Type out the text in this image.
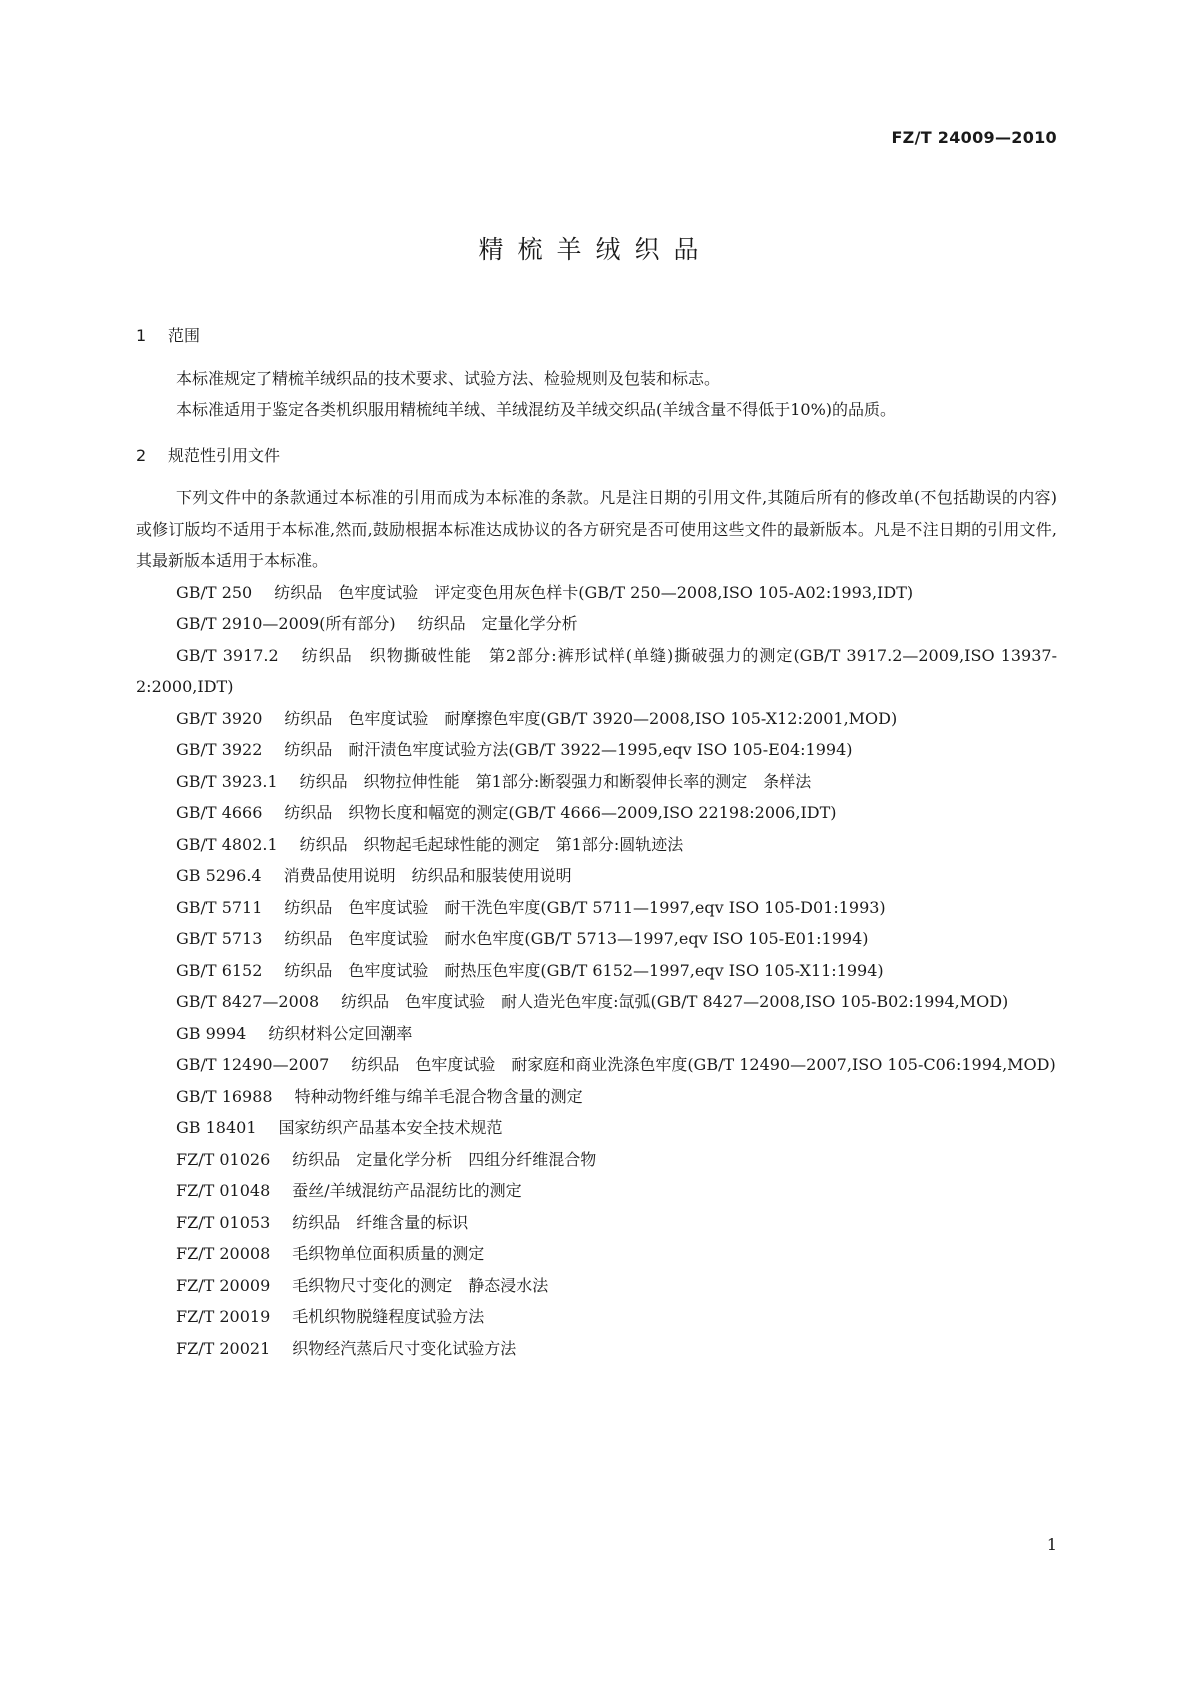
FZ/T 24009—2010
精梳羊绒织品
1 范围

本标准规定了精梳羊绒织品的技术要求、试验方法、检验规则及包装和标志。

本标准适用于鉴定各类机织服用精梳纯羊绒、羊绒混纺及羊绒交织品(羊绒含量不得低于10%)的品质。

2 规范性引用文件

下列文件中的条款通过本标准的引用而成为本标准的条款。凡是注日期的引用文件,其随后所有的修改单(不包括勘误的内容)或修订版均不适用于本标准,然而,鼓励根据本标准达成协议的各方研究是否可使用这些文件的最新版本。凡是不注日期的引用文件,其最新版本适用于本标准。

GB/T 250 纺织品　色牢度试验　评定变色用灰色样卡(GB/T 250—2008,ISO 105-A02:1993,IDT)
GB/T 2910—2009(所有部分) 纺织品　定量化学分析
GB/T 3917.2 纺织品　织物撕破性能　第2部分:裤形试样(单缝)撕破强力的测定(GB/T 3917.2—2009,ISO 13937-2:2000,IDT)
GB/T 3920 纺织品　色牢度试验　耐摩擦色牢度(GB/T 3920—2008,ISO 105-X12:2001,MOD)
GB/T 3922 纺织品　耐汗渍色牢度试验方法(GB/T 3922—1995,eqv ISO 105-E04:1994)
GB/T 3923.1 纺织品　织物拉伸性能　第1部分:断裂强力和断裂伸长率的测定　条样法
GB/T 4666 纺织品　织物长度和幅宽的测定(GB/T 4666—2009,ISO 22198:2006,IDT)
GB/T 4802.1 纺织品　织物起毛起球性能的测定　第1部分:圆轨迹法
GB 5296.4 消费品使用说明　纺织品和服装使用说明
GB/T 5711 纺织品　色牢度试验　耐干洗色牢度(GB/T 5711—1997,eqv ISO 105-D01:1993)
GB/T 5713 纺织品　色牢度试验　耐水色牢度(GB/T 5713—1997,eqv ISO 105-E01:1994)
GB/T 6152 纺织品　色牢度试验　耐热压色牢度(GB/T 6152—1997,eqv ISO 105-X11:1994)
GB/T 8427—2008 纺织品　色牢度试验　耐人造光色牢度:氙弧(GB/T 8427—2008,ISO 105-B02:1994,MOD)
GB 9994 纺织材料公定回潮率
GB/T 12490—2007 纺织品　色牢度试验　耐家庭和商业洗涤色牢度(GB/T 12490—2007,ISO 105-C06:1994,MOD)
GB/T 16988 特种动物纤维与绵羊毛混合物含量的测定
GB 18401 国家纺织产品基本安全技术规范
FZ/T 01026 纺织品　定量化学分析　四组分纤维混合物
FZ/T 01048 蚕丝/羊绒混纺产品混纺比的测定
FZ/T 01053 纺织品　纤维含量的标识
FZ/T 20008 毛织物单位面积质量的测定
FZ/T 20009 毛织物尺寸变化的测定　静态浸水法
FZ/T 20019 毛机织物脱缝程度试验方法
FZ/T 20021 织物经汽蒸后尺寸变化试验方法
1
